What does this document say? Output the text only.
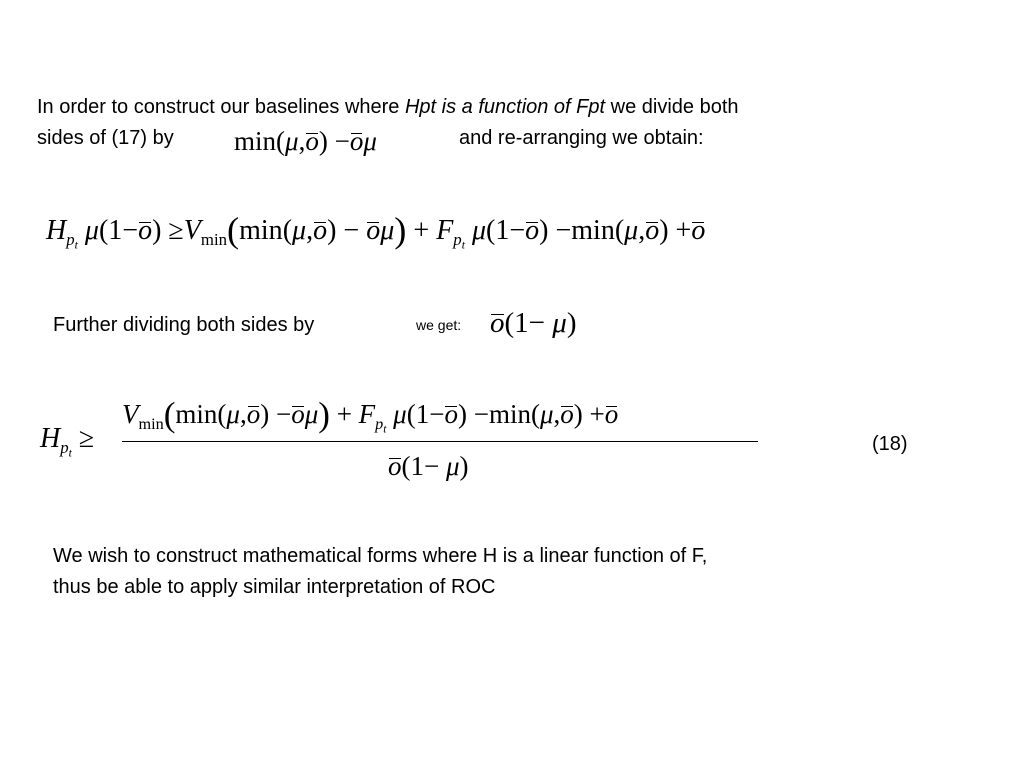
In order to construct our baselines where Hpt is a function of Fpt we divide both
sides of (17) by	and re-arranging we obtain:
min(μ,o) −oμ
$H_{p_t}$ $\mu(1-o) \ge V_{min}(\min(\mu,o) - o\mu) + F_{p_t}$ μ(1−o) −min(μ,o) +o
Further dividing both sides by	we get: o(1− μ)
$H_{p_t}$ ≥
$V_{min}(\min(\mu,o) -o\mu) + F_{p_t}$ μ(1−o) −min(μ,o) +o
o(1− μ)
(18)
We wish to construct mathematical forms where H is a linear function of F,
thus be able to apply similar interpretation of ROC
